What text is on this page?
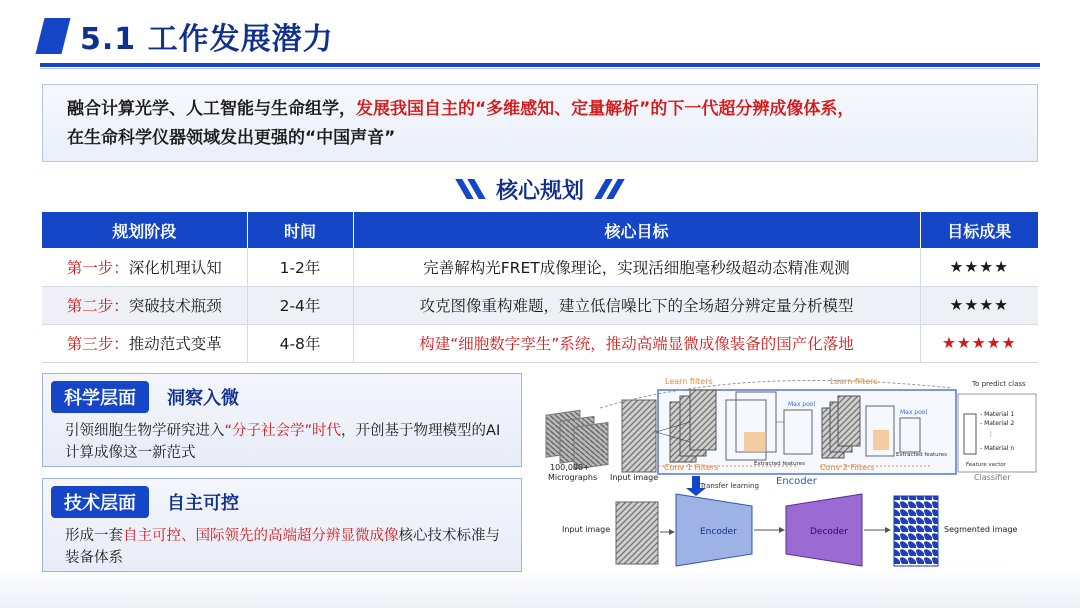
5.1 工作发展潜力

融合计算光学、人工智能与生命组学，发展我国自主的“多维感知、定量解析”的下一代超分辨成像体系，

在生命科学仪器领域发出更强的“中国声音”

核心规划
规划阶段	时间	核心目标	目标成果
第一步：深化机理认知	1-2年	完善解构光FRET成像理论，实现活细胞毫秒级超动态精准观测	★★★★
第二步：突破技术瓶颈	2-4年	攻克图像重构难题，建立低信噪比下的全场超分辨定量分析模型	★★★★
第三步：推动范式变革	4-8年	构建“细胞数字孪生”系统，推动高端显微成像装备的国产化落地	★★★★★
科学层面	洞察入微
引领细胞生物学研究进入“分子社会学”时代，开创基于物理模型的AI计算成像这一新范式
技术层面	自主可控
形成一套自主可控、国际领先的高端超分辨显微成像核心技术标准与装备体系
100,000+
Micrographs Input image
Learn filters	Learn filters
Max pool
Max pool
Extracted features
Extracted features
Conv 1 Filters	Conv 2 Filters
Encoder
To predict class
- Material 1
- Material 2
⋮
- Material n
Feature vector
Classifier
Transfer learning
Input image	Encoder	Decoder	Segmented image
